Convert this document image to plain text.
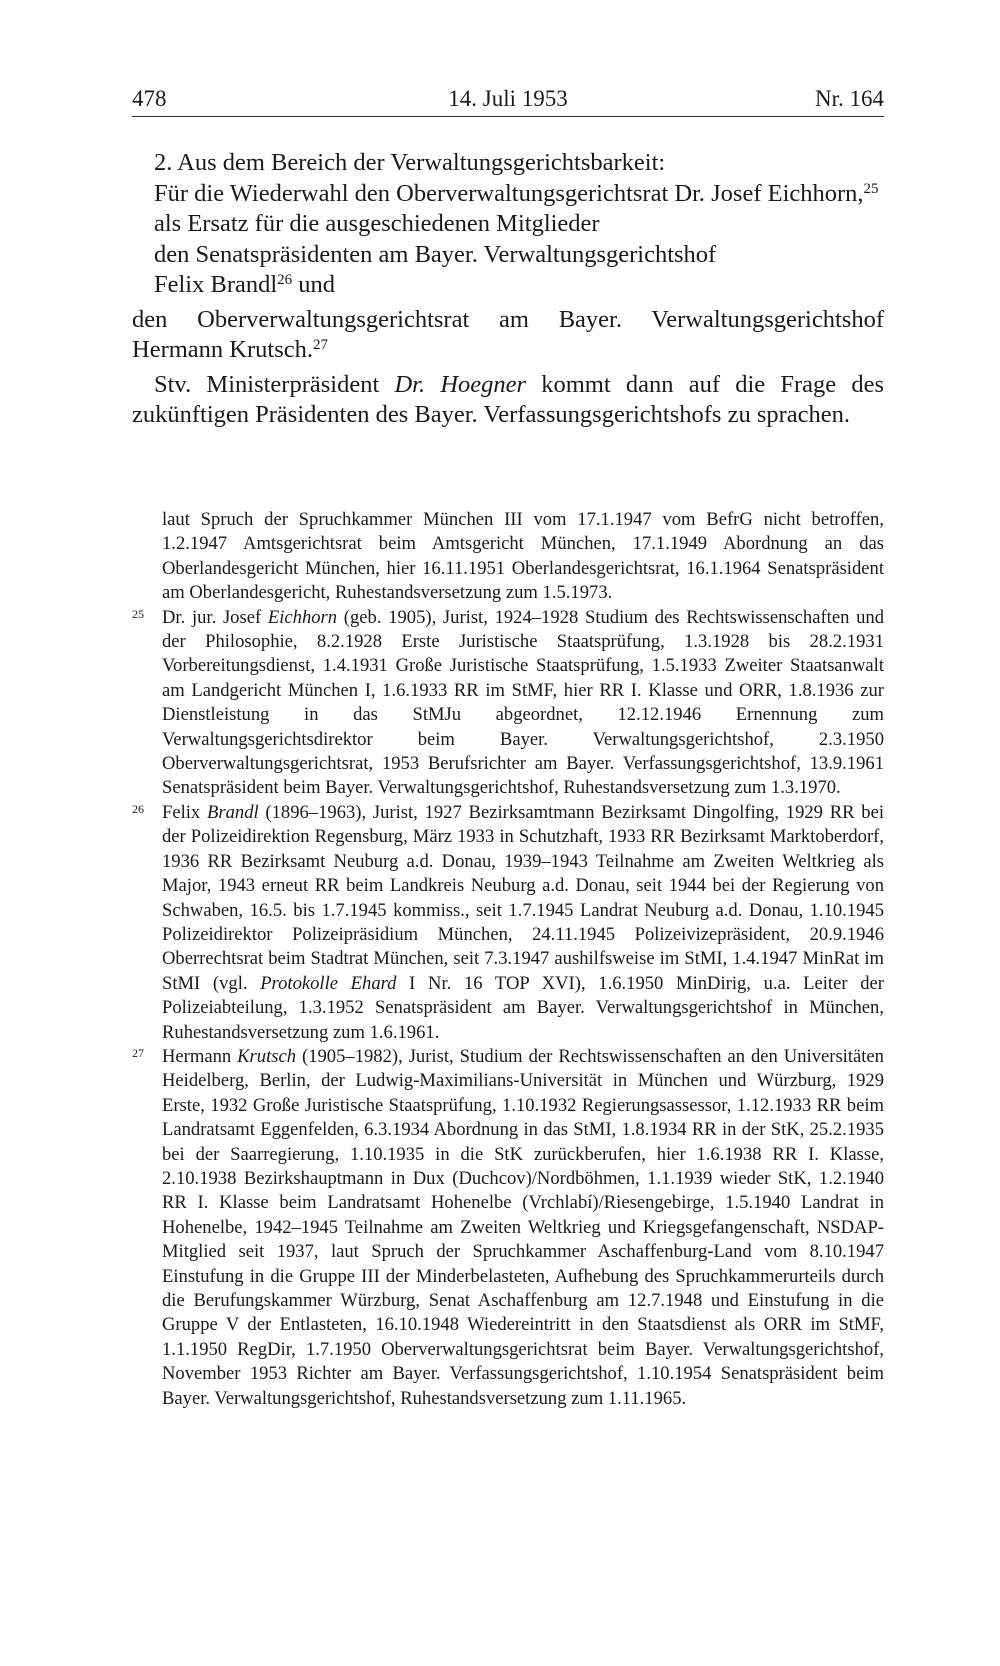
478	14. Juli 1953	Nr. 164
2. Aus dem Bereich der Verwaltungsgerichtsbarkeit:
Für die Wiederwahl den Oberverwaltungsgerichtsrat Dr. Josef Eichhorn,$^{25}$
als Ersatz für die ausgeschiedenen Mitglieder
den Senatspräsidenten am Bayer. Verwaltungsgerichtshof
Felix Brandl$^{26}$ und
den Oberverwaltungsgerichtsrat am Bayer. Verwaltungsgerichtshof Hermann Krutsch.$^{27}$
Stv. Ministerpräsident Dr. Hoegner kommt dann auf die Frage des zukünftigen Präsidenten des Bayer. Verfassungsgerichtshofs zu sprachen.

laut Spruch der Spruchkammer München III vom 17.1.1947 vom BefrG nicht betroffen, 1.2.1947 Amtsgerichtsrat beim Amtsgericht München, 17.1.1949 Abordnung an das Oberlandesgericht München, hier 16.11.1951 Oberlandesgerichtsrat, 16.1.1964 Senatspräsident am Oberlandesgericht, Ruhestandsversetzung zum 1.5.1973.

25 Dr. jur. Josef Eichhorn (geb. 1905), Jurist, 1924–1928 Studium des Rechtswissenschaften und der Philosophie, 8.2.1928 Erste Juristische Staatsprüfung, 1.3.1928 bis 28.2.1931 Vorbereitungsdienst, 1.4.1931 Große Juristische Staatsprüfung, 1.5.1933 Zweiter Staatsanwalt am Landgericht München I, 1.6.1933 RR im StMF, hier RR I. Klasse und ORR, 1.8.1936 zur Dienstleistung in das StMJu abgeordnet, 12.12.1946 Ernennung zum Verwaltungsgerichtsdirektor beim Bayer. Verwaltungsgerichtshof, 2.3.1950 Oberverwaltungsgerichtsrat, 1953 Berufsrichter am Bayer. Verfassungsgerichtshof, 13.9.1961 Senatspräsident beim Bayer. Verwaltungsgerichtshof, Ruhestandsversetzung zum 1.3.1970.

26 Felix Brandl (1896–1963), Jurist, 1927 Bezirksamtmann Bezirksamt Dingolfing, 1929 RR bei der Polizeidirektion Regensburg, März 1933 in Schutzhaft, 1933 RR Bezirksamt Marktoberdorf, 1936 RR Bezirksamt Neuburg a.d. Donau, 1939–1943 Teilnahme am Zweiten Weltkrieg als Major, 1943 erneut RR beim Landkreis Neuburg a.d. Donau, seit 1944 bei der Regierung von Schwaben, 16.5. bis 1.7.1945 kommiss., seit 1.7.1945 Landrat Neuburg a.d. Donau, 1.10.1945 Polizeidirektor Polizeipräsidium München, 24.11.1945 Polizeivizepräsident, 20.9.1946 Oberrechtsrat beim Stadtrat München, seit 7.3.1947 aushilfsweise im StMI, 1.4.1947 MinRat im StMI (vgl. Protokolle Ehard I Nr. 16 TOP XVI), 1.6.1950 MinDirig, u.a. Leiter der Polizeiabteilung, 1.3.1952 Senatspräsident am Bayer. Verwaltungsgerichtshof in München, Ruhestandsversetzung zum 1.6.1961.

27 Hermann Krutsch (1905–1982), Jurist, Studium der Rechtswissenschaften an den Universitäten Heidelberg, Berlin, der Ludwig-Maximilians-Universität in München und Würzburg, 1929 Erste, 1932 Große Juristische Staatsprüfung, 1.10.1932 Regierungsassessor, 1.12.1933 RR beim Landratsamt Eggenfelden, 6.3.1934 Abordnung in das StMI, 1.8.1934 RR in der StK, 25.2.1935 bei der Saarregierung, 1.10.1935 in die StK zurückberufen, hier 1.6.1938 RR I. Klasse, 2.10.1938 Bezirkshauptmann in Dux (Duchcov)/Nordböhmen, 1.1.1939 wieder StK, 1.2.1940 RR I. Klasse beim Landratsamt Hohenelbe (Vrchlabí)/Riesengebirge, 1.5.1940 Landrat in Hohenelbe, 1942–1945 Teilnahme am Zweiten Weltkrieg und Kriegsgefangenschaft, NSDAP-Mitglied seit 1937, laut Spruch der Spruchkammer Aschaffenburg-Land vom 8.10.1947 Einstufung in die Gruppe III der Minderbelasteten, Aufhebung des Spruchkammerurteils durch die Berufungskammer Würzburg, Senat Aschaffenburg am 12.7.1948 und Einstufung in die Gruppe V der Entlasteten, 16.10.1948 Wiedereintritt in den Staatsdienst als ORR im StMF, 1.1.1950 RegDir, 1.7.1950 Oberverwaltungsgerichtsrat beim Bayer. Verwaltungsgerichtshof, November 1953 Richter am Bayer. Verfassungsgerichtshof, 1.10.1954 Senatspräsident beim Bayer. Verwaltungsgerichtshof, Ruhestandsversetzung zum 1.11.1965.
